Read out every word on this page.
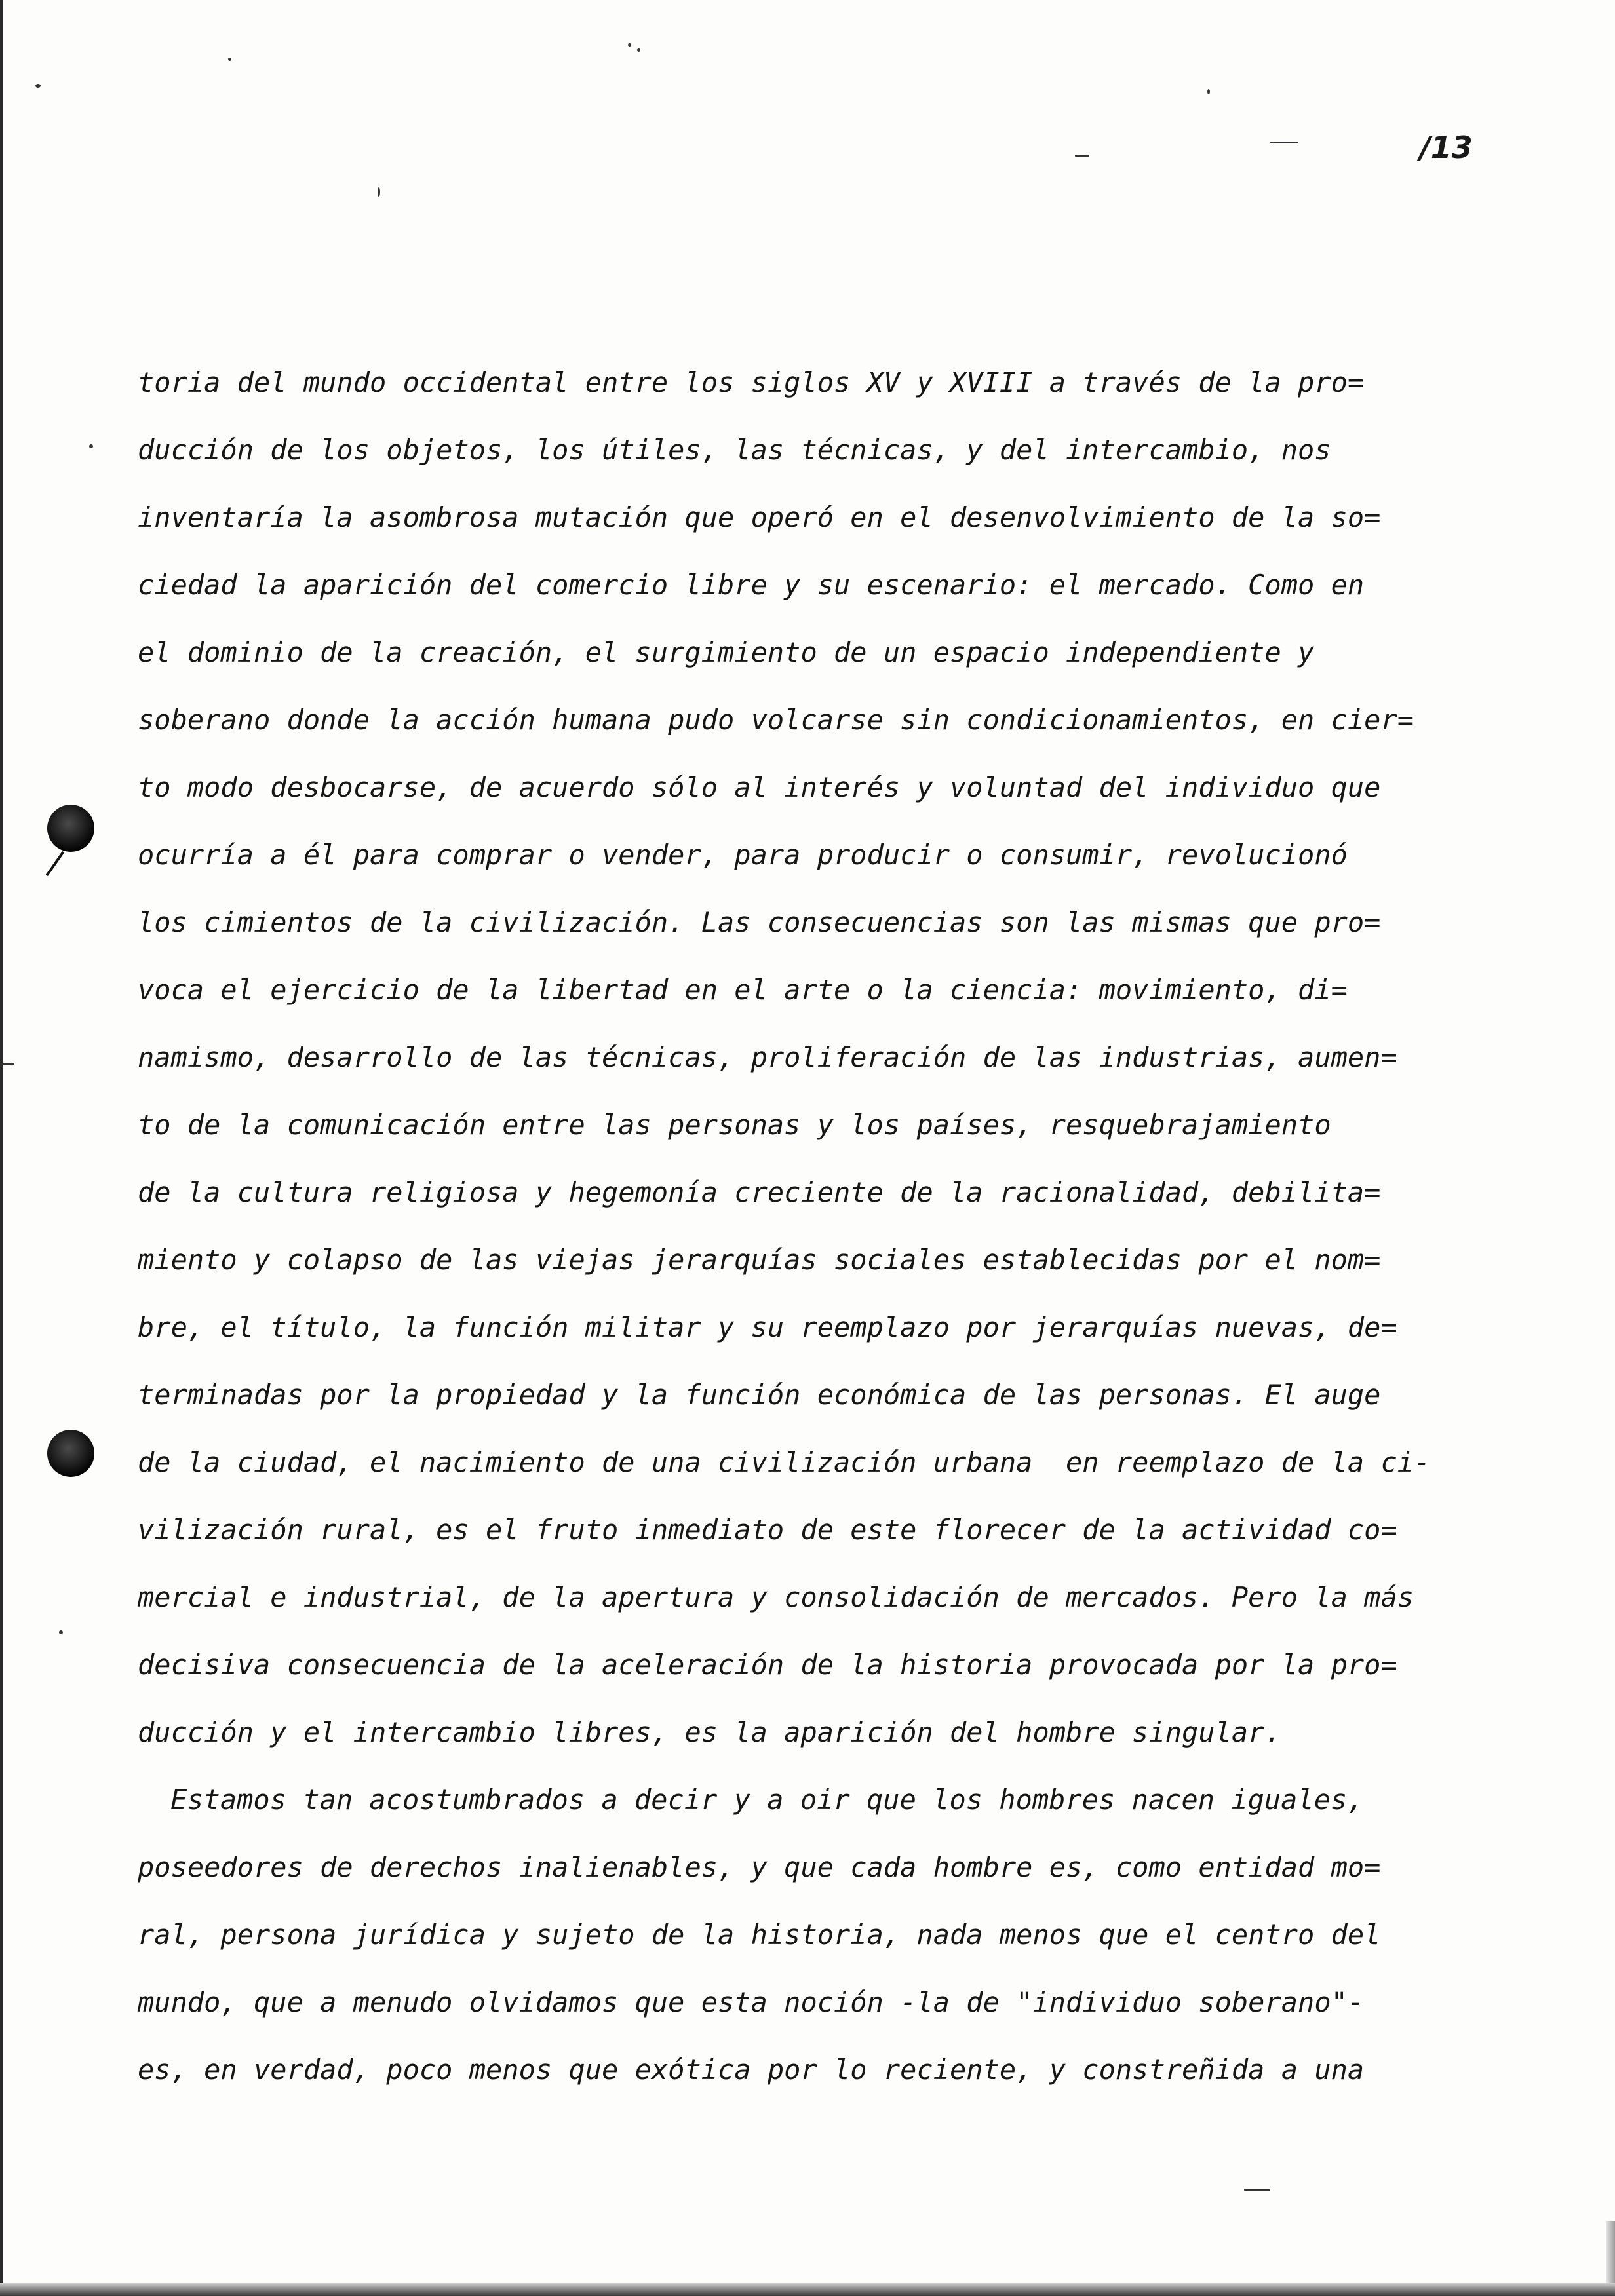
/13
toria del mundo occidental entre los siglos XV y XVIII a través de la pro=
ducción de los objetos, los útiles, las técnicas, y del intercambio, nos
inventaría la asombrosa mutación que operó en el desenvolvimiento de la so=
ciedad la aparición del comercio libre y su escenario: el mercado. Como en
el dominio de la creación, el surgimiento de un espacio independiente y
soberano donde la acción humana pudo volcarse sin condicionamientos, en cier=
to modo desbocarse, de acuerdo sólo al interés y voluntad del individuo que
ocurría a él para comprar o vender, para producir o consumir, revolucionó
los cimientos de la civilización. Las consecuencias son las mismas que pro=
voca el ejercicio de la libertad en el arte o la ciencia: movimiento, di=
namismo, desarrollo de las técnicas, proliferación de las industrias, aumen=
to de la comunicación entre las personas y los países, resquebrajamiento
de la cultura religiosa y hegemonía creciente de la racionalidad, debilita=
miento y colapso de las viejas jerarquías sociales establecidas por el nom=
bre, el título, la función militar y su reemplazo por jerarquías nuevas, de=
terminadas por la propiedad y la función económica de las personas. El auge
de la ciudad, el nacimiento de una civilización urbana  en reemplazo de la ci-
vilización rural, es el fruto inmediato de este florecer de la actividad co=
mercial e industrial, de la apertura y consolidación de mercados. Pero la más
decisiva consecuencia de la aceleración de la historia provocada por la pro=
ducción y el intercambio libres, es la aparición del hombre singular.
Estamos tan acostumbrados a decir y a oir que los hombres nacen iguales,
poseedores de derechos inalienables, y que cada hombre es, como entidad mo=
ral, persona jurídica y sujeto de la historia, nada menos que el centro del
mundo, que a menudo olvidamos que esta noción -la de "individuo soberano"-
es, en verdad, poco menos que exótica por lo reciente, y constreñida a una
